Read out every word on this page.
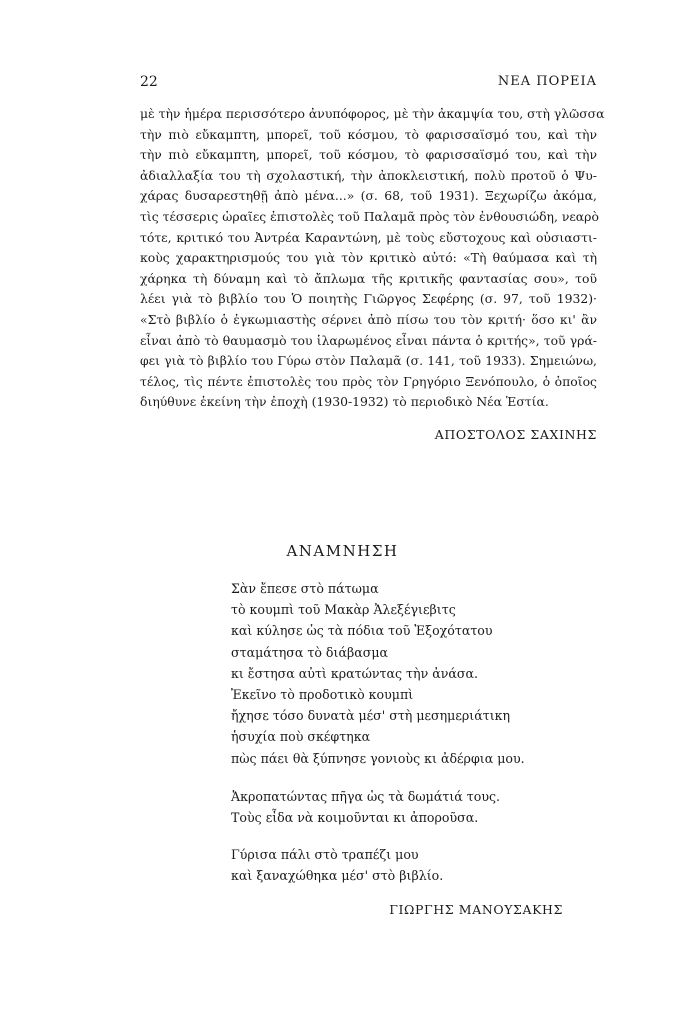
22	ΝΕΑ ΠΟΡΕΙΑ
μὲ τὴν ἡμέρα περισσότερο ἀνυπόφορος, μὲ τὴν ἀκαμψία του, στὴ γλῶσσα
τὴν πιὸ εὔκαμπτη, μπορεῖ, τοῦ κόσμου, τὸ φαρισσαϊσμό του, καὶ τὴν
τὴν πιὸ εὔκαμπτη, μπορεῖ, τοῦ κόσμου, τὸ φαρισσαϊσμό του, καὶ τὴν
ἀδιαλλαξία του τὴ σχολαστική, τὴν ἀποκλειστική, πολὺ προτοῦ ὁ Ψυ-
χάρας δυσαρεστηθῇ ἀπὸ μένα...» (σ. 68, τοῦ 1931). Ξεχωρίζω ἀκόμα,
τὶς τέσσερις ὡραῖες ἐπιστολὲς τοῦ Παλαμᾶ πρὸς τὸν ἐνθουσιώδη, νεαρὸ
τότε, κριτικό του Ἀντρέα Καραντώνη, μὲ τοὺς εὔστοχους καὶ οὐσιαστι-
κοὺς χαρακτηρισμούς του γιὰ τὸν κριτικὸ αὐτό: «Τὴ θαύμασα καὶ τὴ
χάρηκα τὴ δύναμη καὶ τὸ ἄπλωμα τῆς κριτικῆς φαντασίας σου», τοῦ
λέει γιὰ τὸ βιβλίο του Ὁ ποιητὴς Γιῶργος Σεφέρης (σ. 97, τοῦ 1932)·
«Στὸ βιβλίο ὁ ἐγκωμιαστὴς σέρνει ἀπὸ πίσω του τὸν κριτή· ὅσο κι' ἂν
εἶναι ἀπὸ τὸ θαυμασμὸ του ἱλαρωμένος εἶναι πάντα ὁ κριτής», τοῦ γρά-
φει γιὰ τὸ βιβλίο του Γύρω στὸν Παλαμᾶ (σ. 141, τοῦ 1933). Σημειώνω,
τέλος, τὶς πέντε ἐπιστολὲς του πρὸς τὸν Γρηγόριο Ξενόπουλο, ὁ ὁποῖος
διηύθυνε ἐκείνη τὴν ἐποχὴ (1930-1932) τὸ περιοδικὸ Νέα Ἑστία.
ΑΠΟΣΤΟΛΟΣ ΣΑΧΙΝΗΣ
ΑΝΑΜΝΗΣΗ
Σὰν ἔπεσε στὸ πάτωμα
τὸ κουμπὶ τοῦ Μακὰρ Ἀλεξέγιεβιτς
καὶ κύλησε ὡς τὰ πόδια τοῦ Ἐξοχότατου
σταμάτησα τὸ διάβασμα
κι ἔστησα αὐτὶ κρατώντας τὴν ἀνάσα.
Ἐκεῖνο τὸ προδοτικὸ κουμπὶ
ἤχησε τόσο δυνατὰ μέσ' στὴ μεσημεριάτικη
ἡσυχία ποὺ σκέφτηκα
πὼς πάει θὰ ξύπνησε γονιοὺς κι ἀδέρφια μου.
Ἀκροπατώντας πῆγα ὡς τὰ δωμάτιά τους.
Τοὺς εἶδα νὰ κοιμοῦνται κι ἀποροῦσα.
Γύρισα πάλι στὸ τραπέζι μου
καὶ ξαναχώθηκα μέσ' στὸ βιβλίο.
ΓΙΩΡΓΗΣ ΜΑΝΟΥΣΑΚΗΣ
